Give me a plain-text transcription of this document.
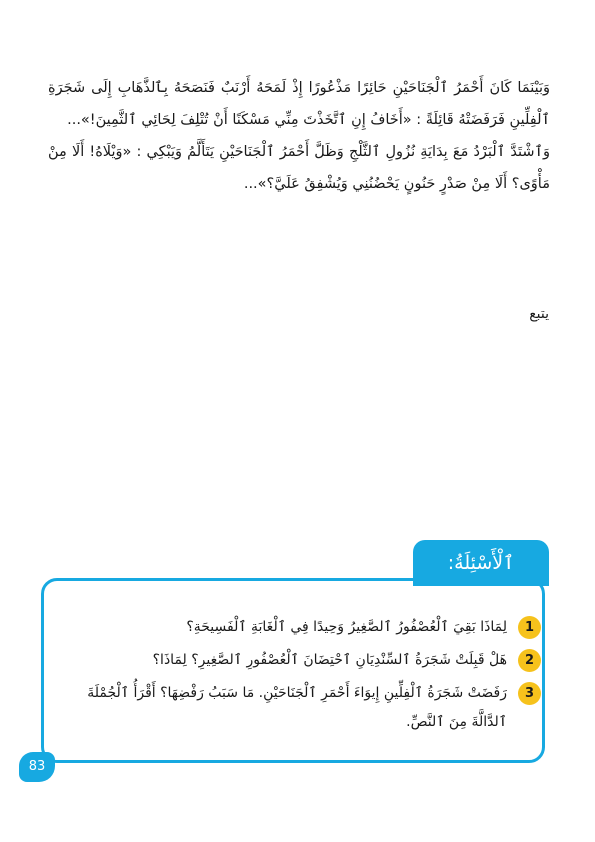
وَبَيْنَمَا كَانَ أَحْمَرُ ٱلْجَنَاحَيْنِ حَائِرًا مَذْعُورًا إِذْ لَمَحَهُ أَرْنَبٌ فَنَصَحَهُ بِٱلذَّهَابِ إِلَى شَجَرَةِ ٱلْفِلِّينِ فَرَفَضَتْهُ قَائِلَةً : «أَخَافُ إِنِ ٱتَّخَذْتَ مِنِّي مَسْكَنًا أَنْ تُتْلِفَ لِحَائِي ٱلثَّمِينَ!»...

وَٱشْتَدَّ ٱلْبَرْدُ مَعَ بِدَايَةِ نُزُولِ ٱلثَّلْجِ وَظَلَّ أَحْمَرُ ٱلْجَنَاحَيْنِ يَتَأَلَّمُ وَيَبْكِي : «وَيْلَاهُ! أَلَا مِنْ مَأْوًى؟ أَلَا مِنْ صَدْرٍ حَنُونٍ يَحْضُنُنِي وَيُشْفِقُ عَلَيَّ؟»...

يتبع
ٱلْأَسْئِلَةُ:
1
لِمَاذَا بَقِيَ ٱلْعُصْفُورُ ٱلصَّغِيرُ وَحِيدًا فِي ٱلْغَابَةِ ٱلْفَسِيحَةِ؟
2
هَلْ قَبِلَتْ شَجَرَةُ ٱلسِّنْدِيَانِ ٱحْتِضَانَ ٱلْعُصْفُورِ ٱلصَّغِيرِ؟ لِمَاذَا؟
3
رَفَضَتْ شَجَرَةُ ٱلْفِلِّينِ إِيوَاءَ أَحْمَرِ ٱلْجَنَاحَيْنِ. مَا سَبَبُ رَفْضِهَا؟ أَقْرَأُ ٱلْجُمْلَةَ ٱلدَّالَّةَ مِنَ ٱلنَّصِّ.
83
